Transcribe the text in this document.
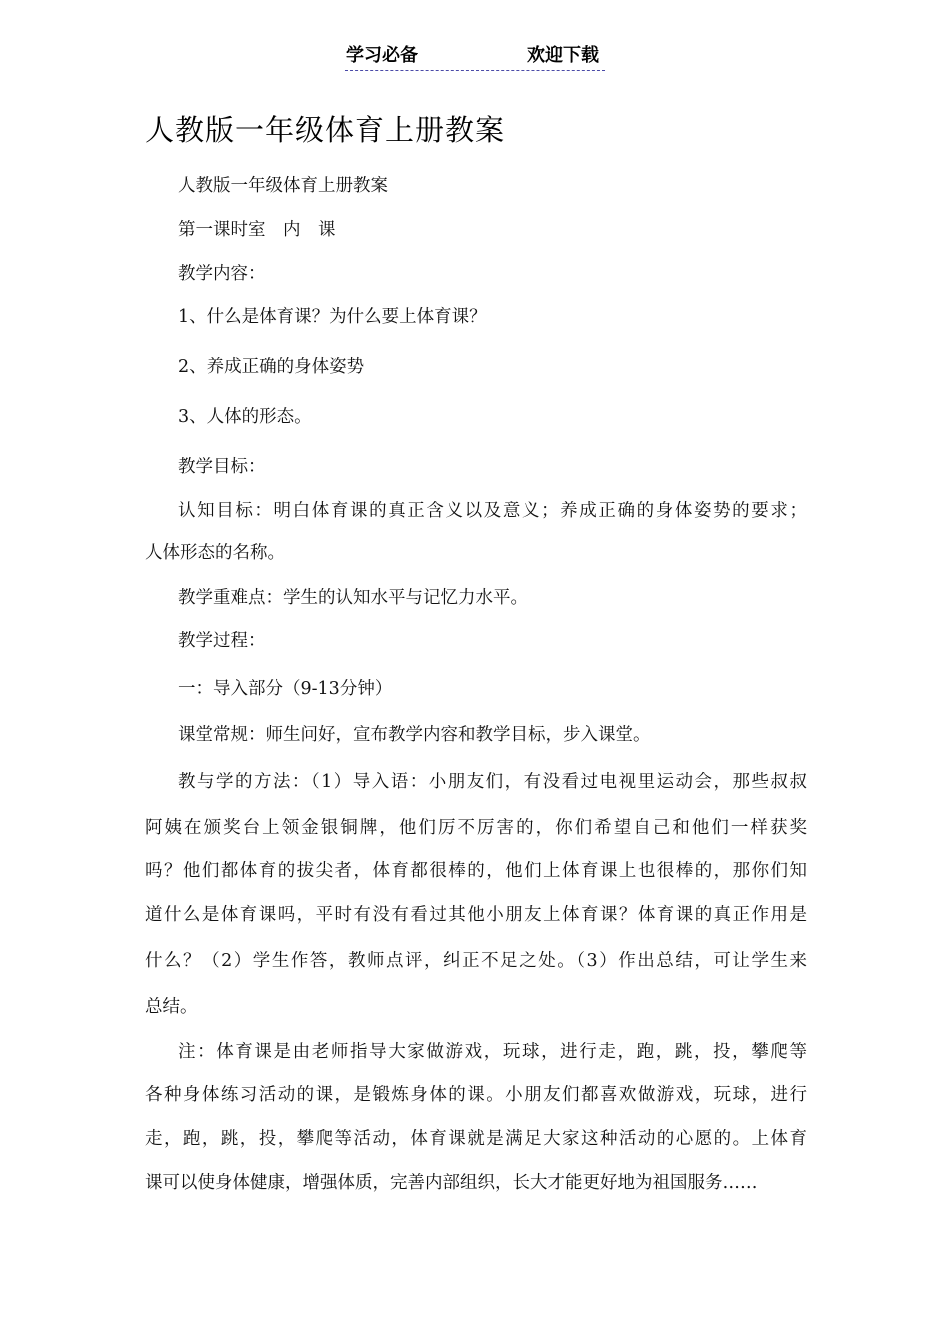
学习必备	欢迎下载
人教版一年级体育上册教案
人教版一年级体育上册教案
第一课时室　内　课
教学内容：
1、什么是体育课？为什么要上体育课？
2、养成正确的身体姿势
3、人体的形态。
教学目标：
认知目标：明白体育课的真正含义以及意义；养成正确的身体姿势的要求；
人体形态的名称。
教学重难点：学生的认知水平与记忆力水平。
教学过程：
一：导入部分（9-13分钟）
课堂常规：师生问好，宣布教学内容和教学目标，步入课堂。
教与学的方法：（1）导入语：小朋友们，有没看过电视里运动会，那些叔叔
阿姨在颁奖台上领金银铜牌，他们厉不厉害的，你们希望自己和他们一样获奖
吗？他们都体育的拔尖者，体育都很棒的，他们上体育课上也很棒的，那你们知
道什么是体育课吗，平时有没有看过其他小朋友上体育课？体育课的真正作用是
什么？（2）学生作答，教师点评，纠正不足之处。（3）作出总结，可让学生来
总结。
注：体育课是由老师指导大家做游戏，玩球，进行走，跑，跳，投，攀爬等
各种身体练习活动的课，是锻炼身体的课。小朋友们都喜欢做游戏，玩球，进行
走，跑，跳，投，攀爬等活动，体育课就是满足大家这种活动的心愿的。上体育
课可以使身体健康，增强体质，完善内部组织，长大才能更好地为祖国服务……
